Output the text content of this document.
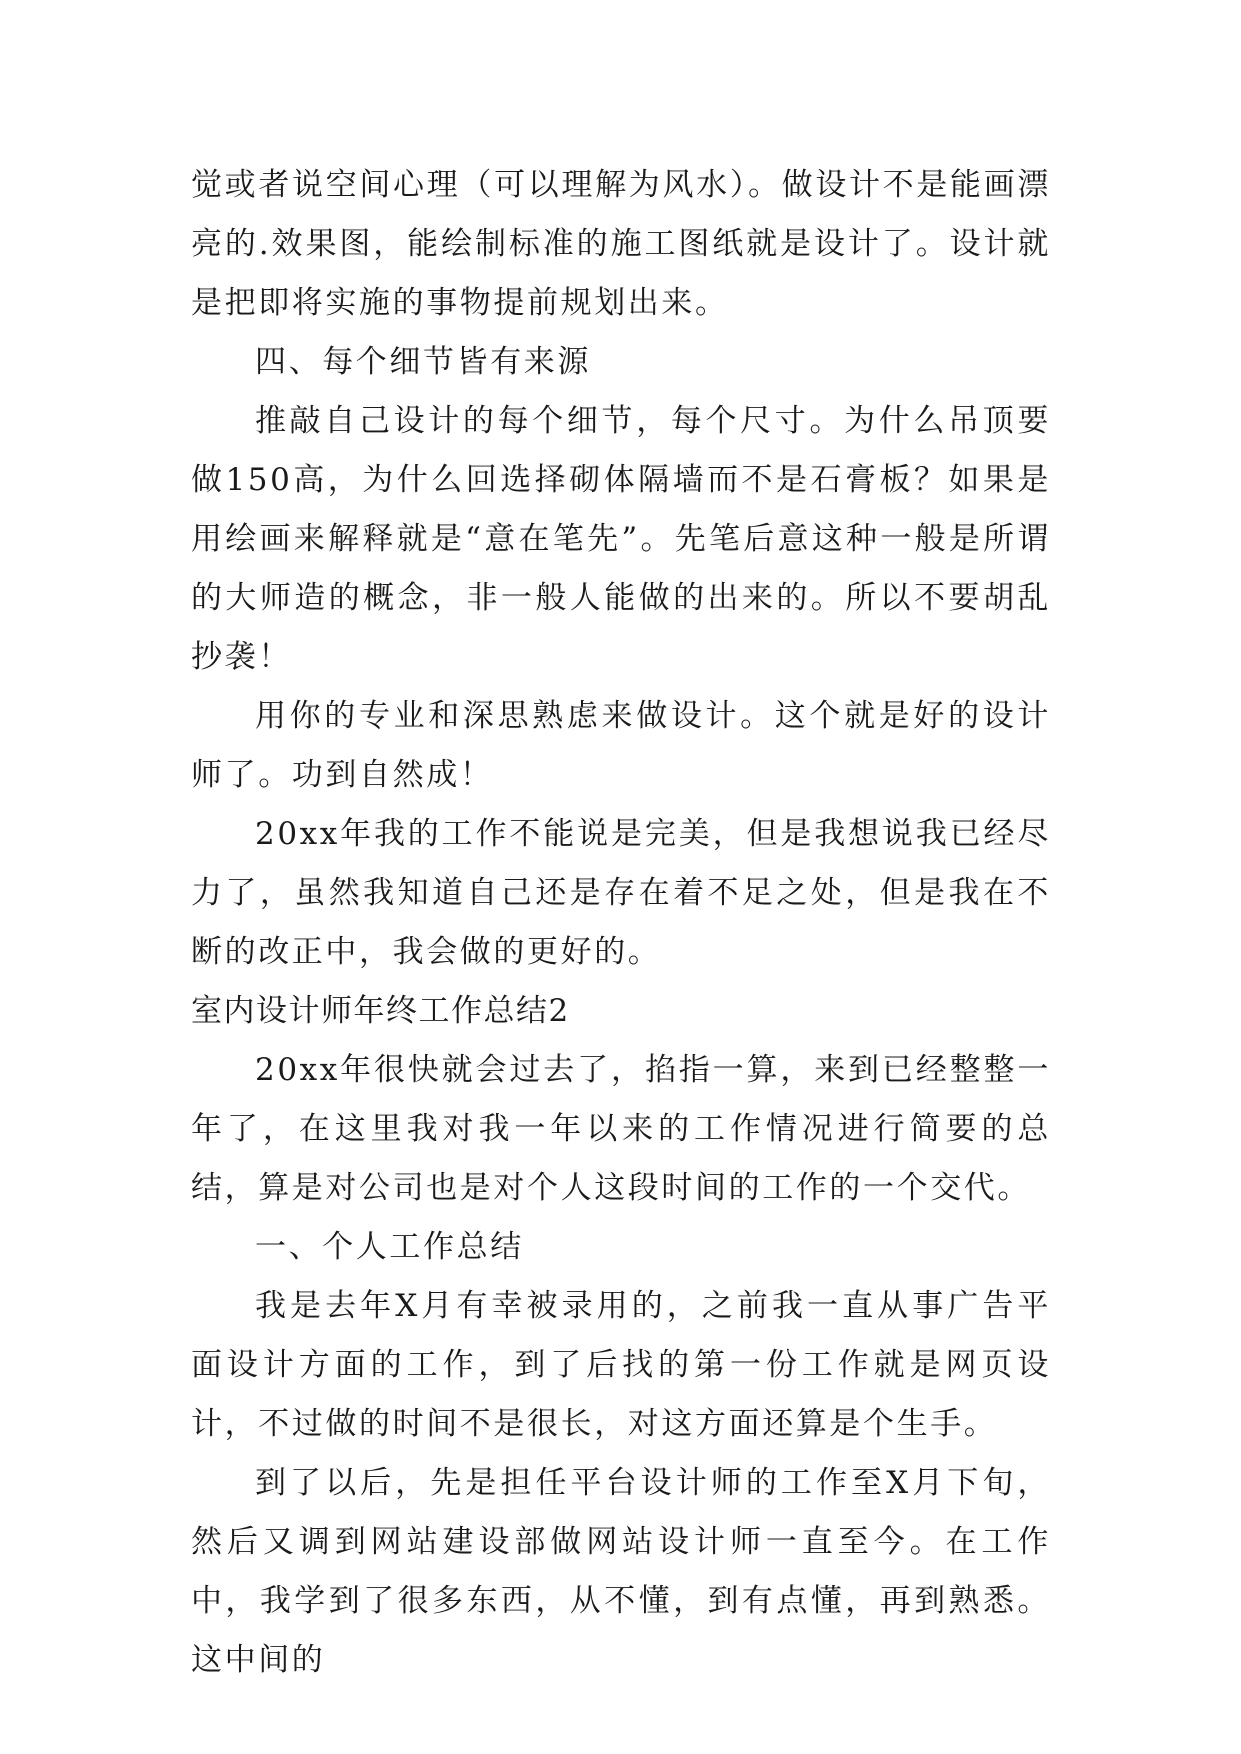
觉或者说空间心理（可以理解为风水）。做设计不是能画漂亮的.效果图，能绘制标准的施工图纸就是设计了。设计就是把即将实施的事物提前规划出来。

四、每个细节皆有来源

推敲自己设计的每个细节，每个尺寸。为什么吊顶要做150高，为什么回选择砌体隔墙而不是石膏板？如果是用绘画来解释就是“意在笔先”。先笔后意这种一般是所谓的大师造的概念，非一般人能做的出来的。所以不要胡乱抄袭！

用你的专业和深思熟虑来做设计。这个就是好的设计师了。功到自然成！

20xx年我的工作不能说是完美，但是我想说我已经尽力了，虽然我知道自己还是存在着不足之处，但是我在不断的改正中，我会做的更好的。

室内设计师年终工作总结2

20xx年很快就会过去了，掐指一算，来到已经整整一年了，在这里我对我一年以来的工作情况进行简要的总结，算是对公司也是对个人这段时间的工作的一个交代。

一、个人工作总结

我是去年X月有幸被录用的，之前我一直从事广告平面设计方面的工作，到了后找的第一份工作就是网页设计，不过做的时间不是很长，对这方面还算是个生手。

到了以后，先是担任平台设计师的工作至X月下旬，然后又调到网站建设部做网站设计师一直至今。在工作中，我学到了很多东西，从不懂，到有点懂，再到熟悉。这中间的
